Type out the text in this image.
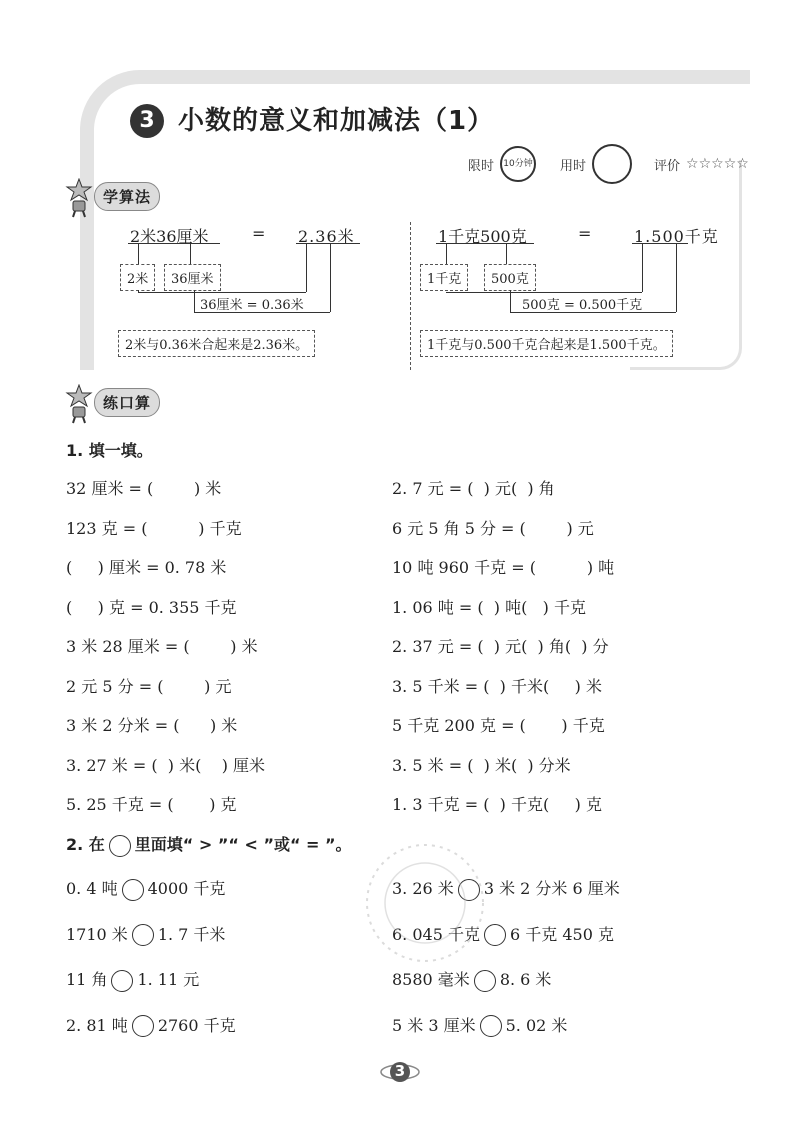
3 小数的意义和加减法（1）
限时	10分钟 用时	评价 ☆☆☆☆☆
学算法
2米36厘米	= 2.36米
2米	36厘米
36厘米 = 0.36米
2米与0.36米合起来是2.36米。
1千克500克	=	1.500千克
1千克	500克
500克 = 0.500千克
1千克与0.500千克合起来是1.500千克。
练口算
1. 填一填。
32 厘米 = (        ) 米
123 克 = (          ) 千克
(     ) 厘米 = 0. 78 米
(     ) 克 = 0. 355 千克
3 米 28 厘米 = (        ) 米
2 元 5 分 = (        ) 元
3 米 2 分米 = (      ) 米
3. 27 米 = (  ) 米(    ) 厘米
5. 25 千克 = (       ) 克
2. 7 元 = (  ) 元(  ) 角
6 元 5 角 5 分 = (        ) 元
10 吨 960 千克 = (          ) 吨
1. 06 吨 = (  ) 吨(   ) 千克
2. 37 元 = (  ) 元(  ) 角(  ) 分
3. 5 千米 = (  ) 千米(     ) 米
5 千克 200 克 = (       ) 千克
3. 5 米 = (  ) 米(  ) 分米
1. 3 千克 = (  ) 千克(     ) 克
2. 在 里面填“ > ”“ < ”或“ = ”。
0. 4 吨 4000 千克
1710 米 1. 7 千米
11 角 1. 11 元
2. 81 吨 2760 千克
3. 26 米 3 米 2 分米 6 厘米
6. 045 千克 6 千克 450 克
8580 毫米 8. 6 米
5 米 3 厘米 5. 02 米
3
